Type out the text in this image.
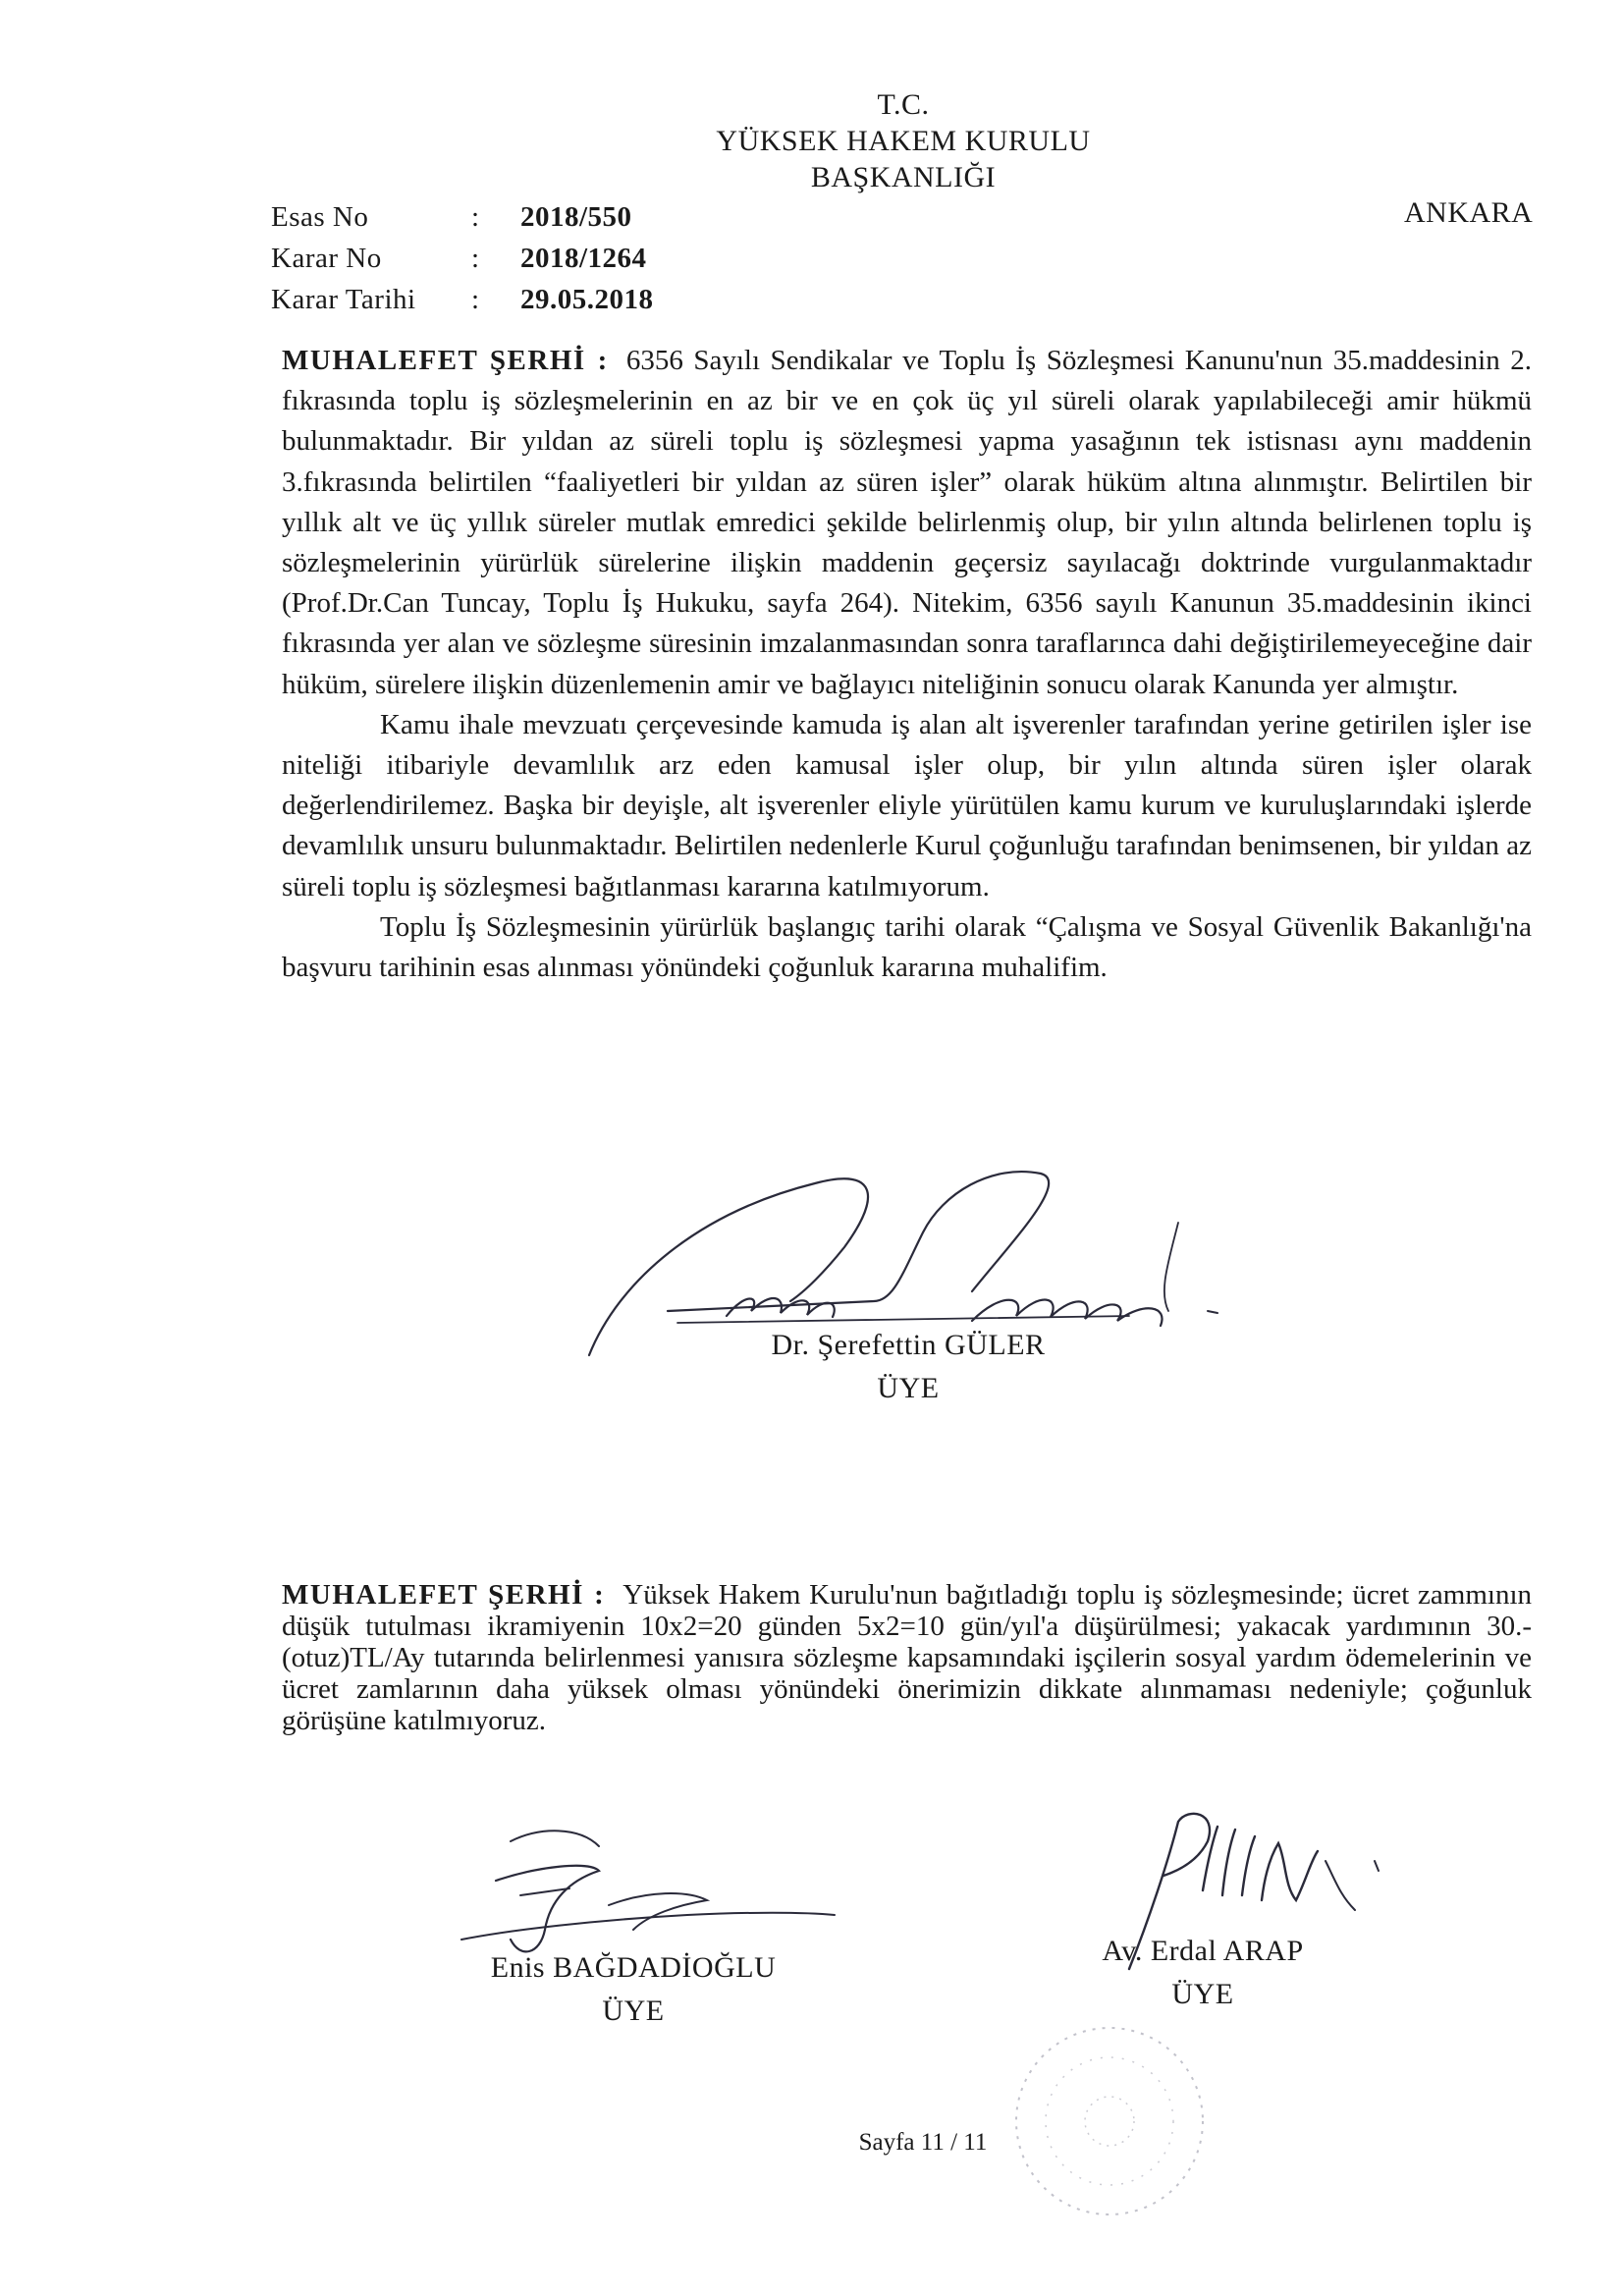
T.C.
YÜKSEK HAKEM KURULU
BAŞKANLIĞI
ANKARA
Esas No	:	2018/550
Karar No	:	2018/1264
Karar Tarihi	:	29.05.2018

MUHALEFET ŞERHİ : 6356 Sayılı Sendikalar ve Toplu İş Sözleşmesi Kanunu'nun 35.maddesinin 2. fıkrasında toplu iş sözleşmelerinin en az bir ve en çok üç yıl süreli olarak yapılabileceği amir hükmü bulunmaktadır. Bir yıldan az süreli toplu iş sözleşmesi yapma yasağının tek istisnası aynı maddenin 3.fıkrasında belirtilen “faaliyetleri bir yıldan az süren işler” olarak hüküm altına alınmıştır. Belirtilen bir yıllık alt ve üç yıllık süreler mutlak emredici şekilde belirlenmiş olup, bir yılın altında belirlenen toplu iş sözleşmelerinin yürürlük sürelerine ilişkin maddenin geçersiz sayılacağı doktrinde vurgulanmaktadır (Prof.Dr.Can Tuncay, Toplu İş Hukuku, sayfa 264). Nitekim, 6356 sayılı Kanunun 35.maddesinin ikinci fıkrasında yer alan ve sözleşme süresinin imzalanmasından sonra taraflarınca dahi değiştirilemeyeceğine dair hüküm, sürelere ilişkin düzenlemenin amir ve bağlayıcı niteliğinin sonucu olarak Kanunda yer almıştır.

Kamu ihale mevzuatı çerçevesinde kamuda iş alan alt işverenler tarafından yerine getirilen işler ise niteliği itibariyle devamlılık arz eden kamusal işler olup, bir yılın altında süren işler olarak değerlendirilemez. Başka bir deyişle, alt işverenler eliyle yürütülen kamu kurum ve kuruluşlarındaki işlerde devamlılık unsuru bulunmaktadır. Belirtilen nedenlerle Kurul çoğunluğu tarafından benimsenen, bir yıldan az süreli toplu iş sözleşmesi bağıtlanması kararına katılmıyorum.

Toplu İş Sözleşmesinin yürürlük başlangıç tarihi olarak “Çalışma ve Sosyal Güvenlik Bakanlığı'na başvuru tarihinin esas alınması yönündeki çoğunluk kararına muhalifim.

Dr. Şerefettin GÜLER
ÜYE

MUHALEFET ŞERHİ : Yüksek Hakem Kurulu'nun bağıtladığı toplu iş sözleşmesinde; ücret zammının düşük tutulması ikramiyenin 10x2=20 günden 5x2=10 gün/yıl'a düşürülmesi; yakacak yardımının 30.-(otuz)TL/Ay tutarında belirlenmesi yanısıra sözleşme kapsamındaki işçilerin sosyal yardım ödemelerinin ve ücret zamlarının daha yüksek olması yönündeki önerimizin dikkate alınmaması nedeniyle; çoğunluk görüşüne katılmıyoruz.

Enis BAĞDADİOĞLU
ÜYE
Av. Erdal ARAP
ÜYE
Sayfa 11 / 11
